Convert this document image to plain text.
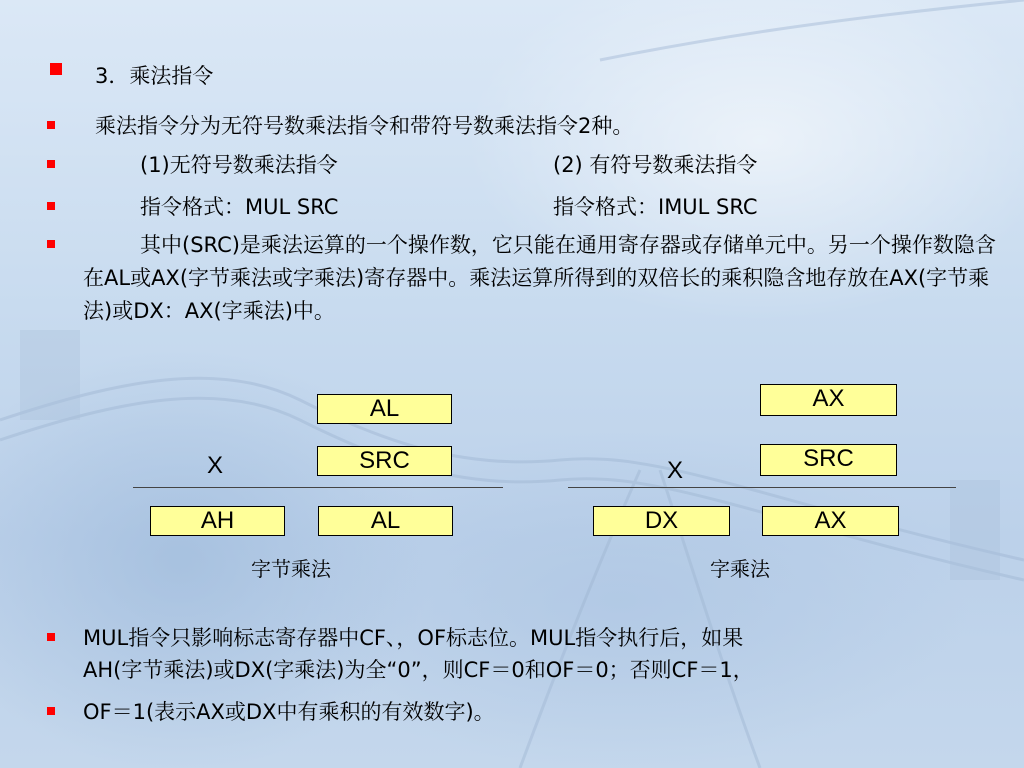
3．乘法指令
乘法指令分为无符号数乘法指令和带符号数乘法指令2种。
(1)无符号数乘法指令	(2) 有符号数乘法指令
指令格式：MUL SRC	指令格式：IMUL SRC
其中(SRC)是乘法运算的一个操作数，它只能在通用寄存器或存储单元中。另一个操作数隐含在AL或AX(字节乘法或字乘法)寄存器中。乘法运算所得到的双倍长的乘积隐含地存放在AX(字节乘法)或DX：AX(字乘法)中。
AL
X	SRC
AH	AL
字节乘法
AX
X	SRC
DX	AX
字乘法
MUL指令只影响标志寄存器中CF、，OF标志位。MUL指令执行后，如果
AH(字节乘法)或DX(字乘法)为全“0”，则CF＝0和OF＝0；否则CF＝1，
OF＝1(表示AX或DX中有乘积的有效数字)。
